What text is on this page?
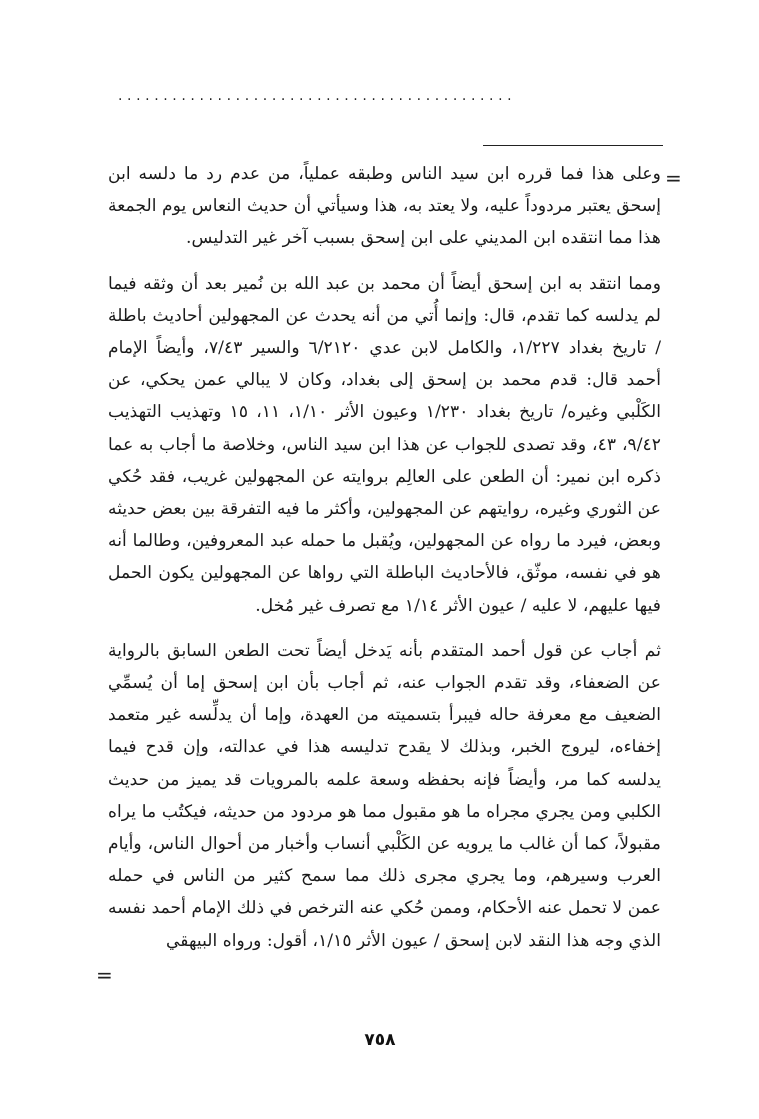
............................................
=

وعلى هذا فما قرره ابن سيد الناس وطبقه عملياً، من عدم رد ما دلسه ابن إسحق يعتبر مردوداً عليه، ولا يعتد به، هذا وسيأتي أن حديث النعاس يوم الجمعة هذا مما انتقده ابن المديني على ابن إسحق بسبب آخر غير التدليس.

ومما انتقد به ابن إسحق أيضاً أن محمد بن عبد الله بن نُمير بعد أن وثقه فيما لم يدلسه كما تقدم، قال: وإنما أُتي من أنه يحدث عن المجهولين أحاديث باطلة / تاريخ بغداد ١/٢٢٧، والكامل لابن عدي ٦/٢١٢٠ والسير ٧/٤٣، وأيضاً الإمام أحمد قال: قدم محمد بن إسحق إلى بغداد، وكان لا يبالي عمن يحكي، عن الكَلْبي وغيره/ تاريخ بغداد ١/٢٣٠ وعيون الأثر ١/١٠، ١١، ١٥ وتهذيب التهذيب ٩/٤٢، ٤٣، وقد تصدى للجواب عن هذا ابن سيد الناس، وخلاصة ما أجاب به عما ذكره ابن نمير: أن الطعن على العالِم بروايته عن المجهولين غريب، فقد حُكي عن الثوري وغيره، روايتهم عن المجهولين، وأكثر ما فيه التفرقة بين بعض حديثه وبعض، فيرد ما رواه عن المجهولين، ويُقبل ما حمله عبد المعروفين، وطالما أنه هو في نفسه، موثّق، فالأحاديث الباطلة التي رواها عن المجهولين يكون الحمل فيها عليهم، لا عليه / عيون الأثر ١/١٤ مع تصرف غير مُخل.

ثم أجاب عن قول أحمد المتقدم بأنه يَدخل أيضاً تحت الطعن السابق بالرواية عن الضعفاء، وقد تقدم الجواب عنه، ثم أجاب بأن ابن إسحق إما أن يُسمِّي الضعيف مع معرفة حاله فيبرأ بتسميته من العهدة، وإما أن يدلِّسه غير متعمد إخفاءه، ليروج الخبر، وبذلك لا يقدح تدليسه هذا في عدالته، وإن قدح فيما يدلسه كما مر، وأيضاً فإنه بحفظه وسعة علمه بالمرويات قد يميز من حديث الكلبي ومن يجري مجراه ما هو مقبول مما هو مردود من حديثه، فيكتُب ما يراه مقبولاً، كما أن غالب ما يرويه عن الكَلْبي أنساب وأخبار من أحوال الناس، وأيام العرب وسيرهم، وما يجري مجرى ذلك مما سمح كثير من الناس في حمله عمن لا تحمل عنه الأحكام، وممن حُكي عنه الترخص في ذلك الإمام أحمد نفسه الذي وجه هذا النقد لابن إسحق / عيون الأثر ١/١٥، أقول: ورواه البيهقي

=
٧٥٨
